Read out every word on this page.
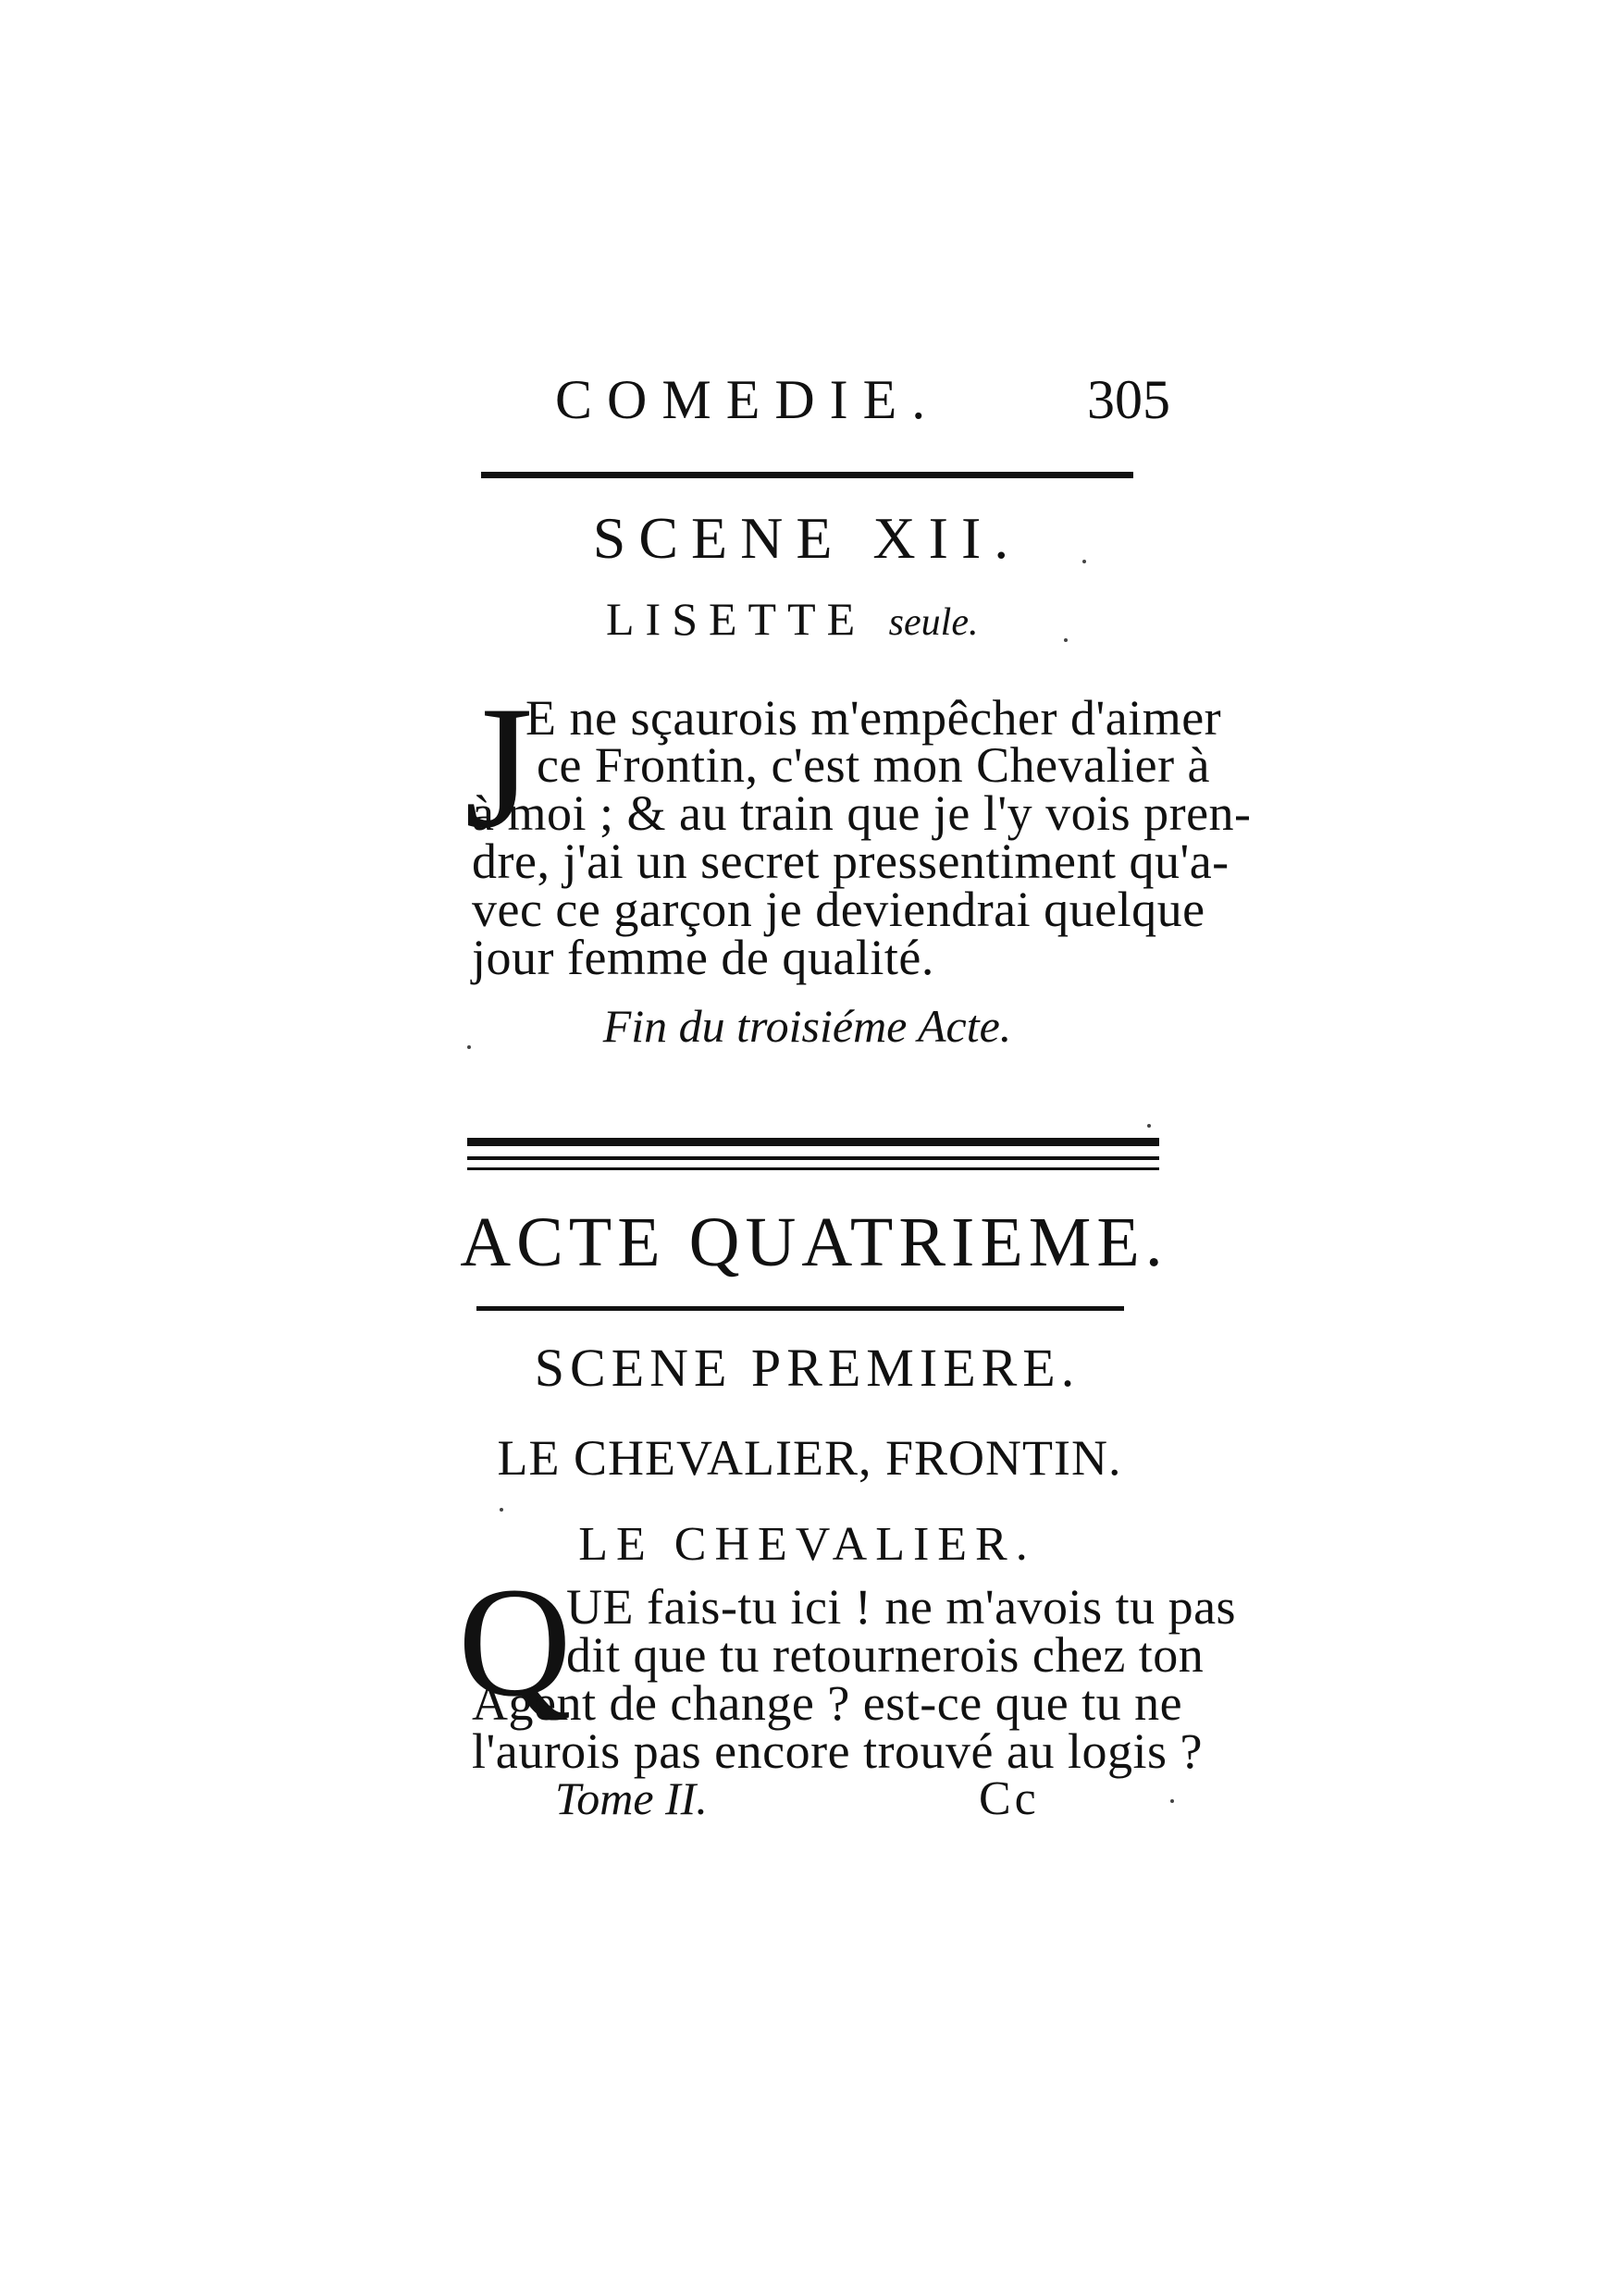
COMEDIE.	305
SCENE XII.
LISETTE seule.
J
E ne sçaurois m'empêcher d'aimer
ce Frontin, c'est mon Chevalier à
à moi ; & au train que je l'y vois pren-
dre, j'ai un secret pressentiment qu'a-
vec ce garçon je deviendrai quelque
jour femme de qualité.
Fin du troisiéme Acte.
ACTE QUATRIEME.
SCENE PREMIERE.
LE CHEVALIER, FRONTIN.
LE CHEVALIER.
Q
UE fais-tu ici ! ne m'avois tu pas
dit que tu retournerois chez ton
Agent de change ? est-ce que tu ne
l'aurois pas encore trouvé au logis ?
Tome II.	Cc
